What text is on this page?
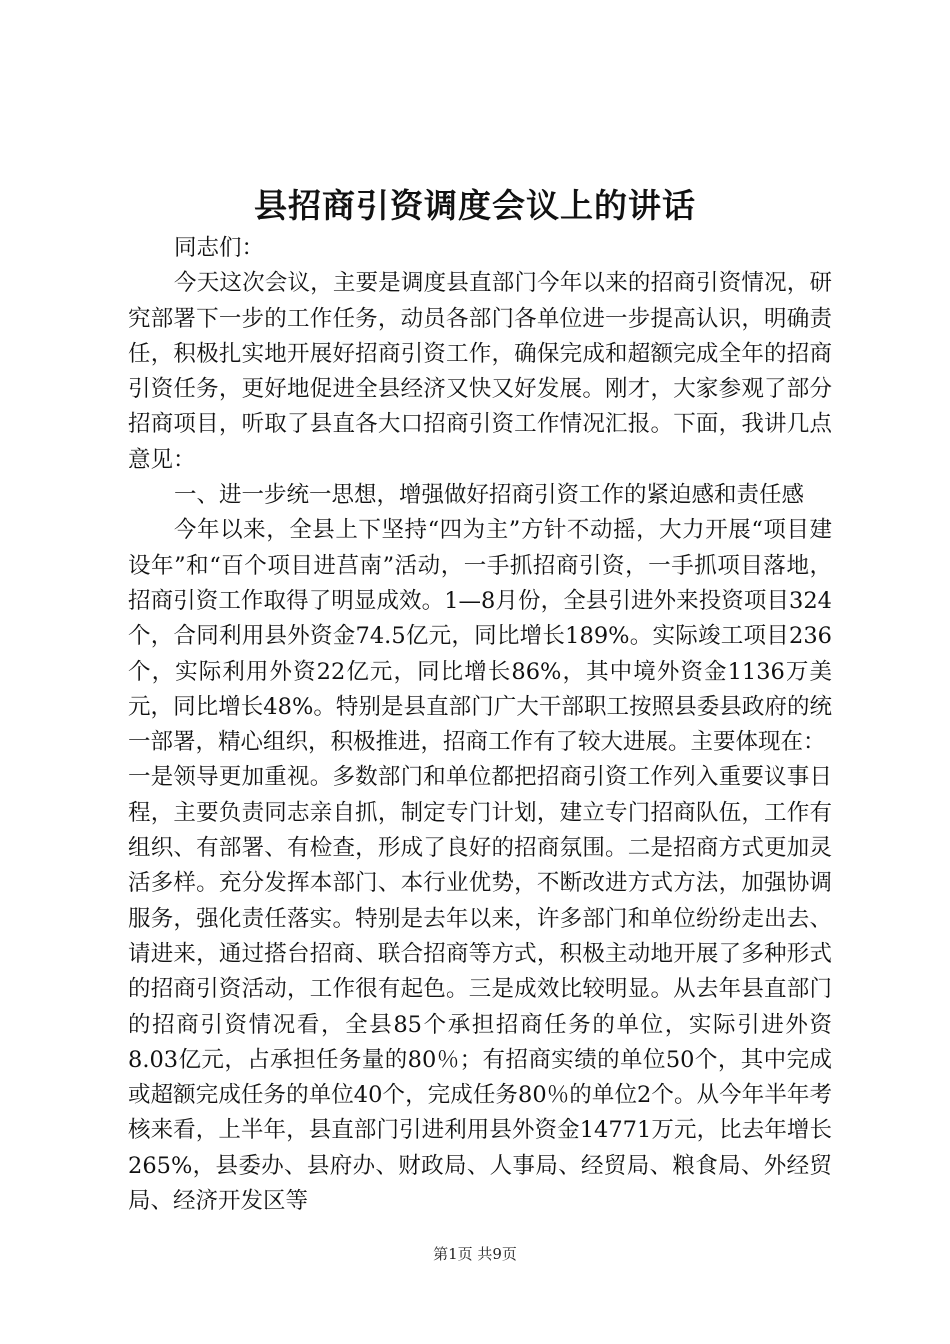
县招商引资调度会议上的讲话

同志们：

今天这次会议，主要是调度县直部门今年以来的招商引资情况，研究部署下一步的工作任务，动员各部门各单位进一步提高认识，明确责任，积极扎实地开展好招商引资工作，确保完成和超额完成全年的招商引资任务，更好地促进全县经济又快又好发展。刚才，大家参观了部分招商项目，听取了县直各大口招商引资工作情况汇报。下面，我讲几点意见：

一、进一步统一思想，增强做好招商引资工作的紧迫感和责任感

今年以来，全县上下坚持“四为主”方针不动摇，大力开展“项目建设年”和“百个项目进莒南”活动，一手抓招商引资，一手抓项目落地，招商引资工作取得了明显成效。1—8月份，全县引进外来投资项目324个，合同利用县外资金74.5亿元，同比增长189%。实际竣工项目236个，实际利用外资22亿元，同比增长86%，其中境外资金1136万美元，同比增长48%。特别是县直部门广大干部职工按照县委县政府的统一部署，精心组织，积极推进，招商工作有了较大进展。主要体现在：

一是领导更加重视。多数部门和单位都把招商引资工作列入重要议事日程，主要负责同志亲自抓，制定专门计划，建立专门招商队伍，工作有组织、有部署、有检查，形成了良好的招商氛围。二是招商方式更加灵活多样。充分发挥本部门、本行业优势，不断改进方式方法，加强协调服务，强化责任落实。特别是去年以来，许多部门和单位纷纷走出去、请进来，通过搭台招商、联合招商等方式，积极主动地开展了多种形式的招商引资活动，工作很有起色。三是成效比较明显。从去年县直部门的招商引资情况看，全县85个承担招商任务的单位，实际引进外资8.03亿元，占承担任务量的80％；有招商实绩的单位50个，其中完成或超额完成任务的单位40个，完成任务80％的单位2个。从今年半年考核来看，上半年，县直部门引进利用县外资金14771万元，比去年增长265%，县委办、县府办、财政局、人事局、经贸局、粮食局、外经贸局、经济开发区等

第1页 共9页
